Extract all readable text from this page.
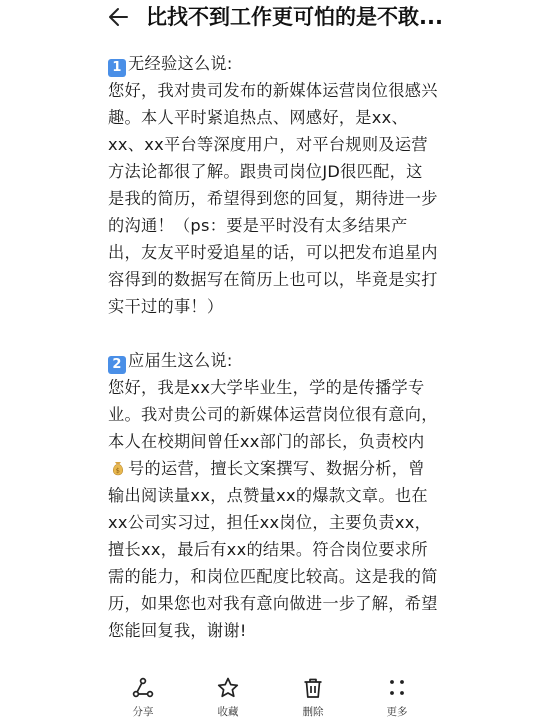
比找不到工作更可怕的是不敢...
1 无经验这么说:
您好，我对贵司发布的新媒体运营岗位很感兴趣。本人平时紧追热点、网感好，是xx、xx、xx平台等深度用户，对平台规则及运营方法论都很了解。跟贵司岗位JD很匹配，这是我的简历，希望得到您的回复，期待进一步的沟通！（ps：要是平时没有太多结果产出，友友平时爱追星的话，可以把发布追星内容得到的数据写在简历上也可以，毕竟是实打实干过的事！）
2 应届生这么说:
您好，我是xx大学毕业生，学的是传播学专业。我对贵公司的新媒体运营岗位很有意向，本人在校期间曾任xx部门的部长，负责校内
$ 号的运营，擅长文案撰写、数据分析，曾输出阅读量xx，点赞量xx的爆款文章。也在xx公司实习过，担任xx岗位，主要负责xx，擅长xx，最后有xx的结果。符合岗位要求所需的能力，和岗位匹配度比较高。这是我的简历，如果您也对我有意向做进一步了解，希望您能回复我，谢谢!
分享	收藏	删除	更多
